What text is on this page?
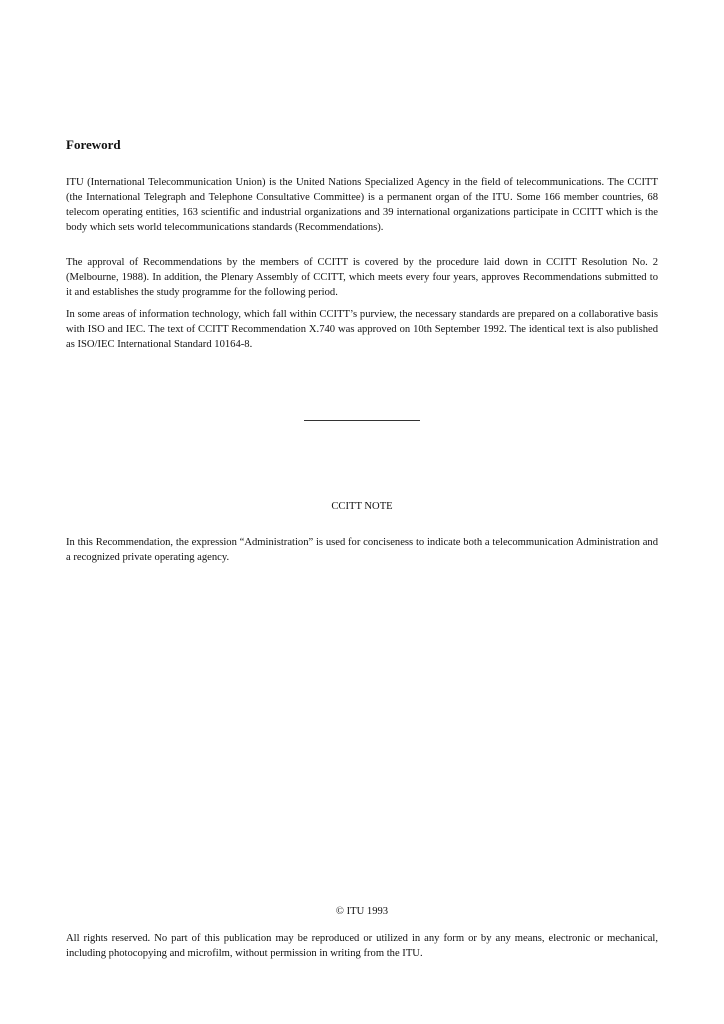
Foreword

ITU (International Telecommunication Union) is the United Nations Specialized Agency in the field of telecommunications. The CCITT (the International Telegraph and Telephone Consultative Committee) is a permanent organ of the ITU. Some 166 member countries, 68 telecom operating entities, 163 scientific and industrial organizations and 39 international organizations participate in CCITT which is the body which sets world telecommunications standards (Recommendations).

The approval of Recommendations by the members of CCITT is covered by the procedure laid down in CCITT Resolution No. 2 (Melbourne, 1988). In addition, the Plenary Assembly of CCITT, which meets every four years, approves Recommendations submitted to it and establishes the study programme for the following period.

In some areas of information technology, which fall within CCITT’s purview, the necessary standards are prepared on a collaborative basis with ISO and IEC. The text of CCITT Recommendation X.740 was approved on 10th September 1992. The identical text is also published as ISO/IEC International Standard 10164-8.

CCITT NOTE

In this Recommendation, the expression “Administration” is used for conciseness to indicate both a telecommunication Administration and a recognized private operating agency.

© ITU 1993

All rights reserved. No part of this publication may be reproduced or utilized in any form or by any means, electronic or mechanical, including photocopying and microfilm, without permission in writing from the ITU.
